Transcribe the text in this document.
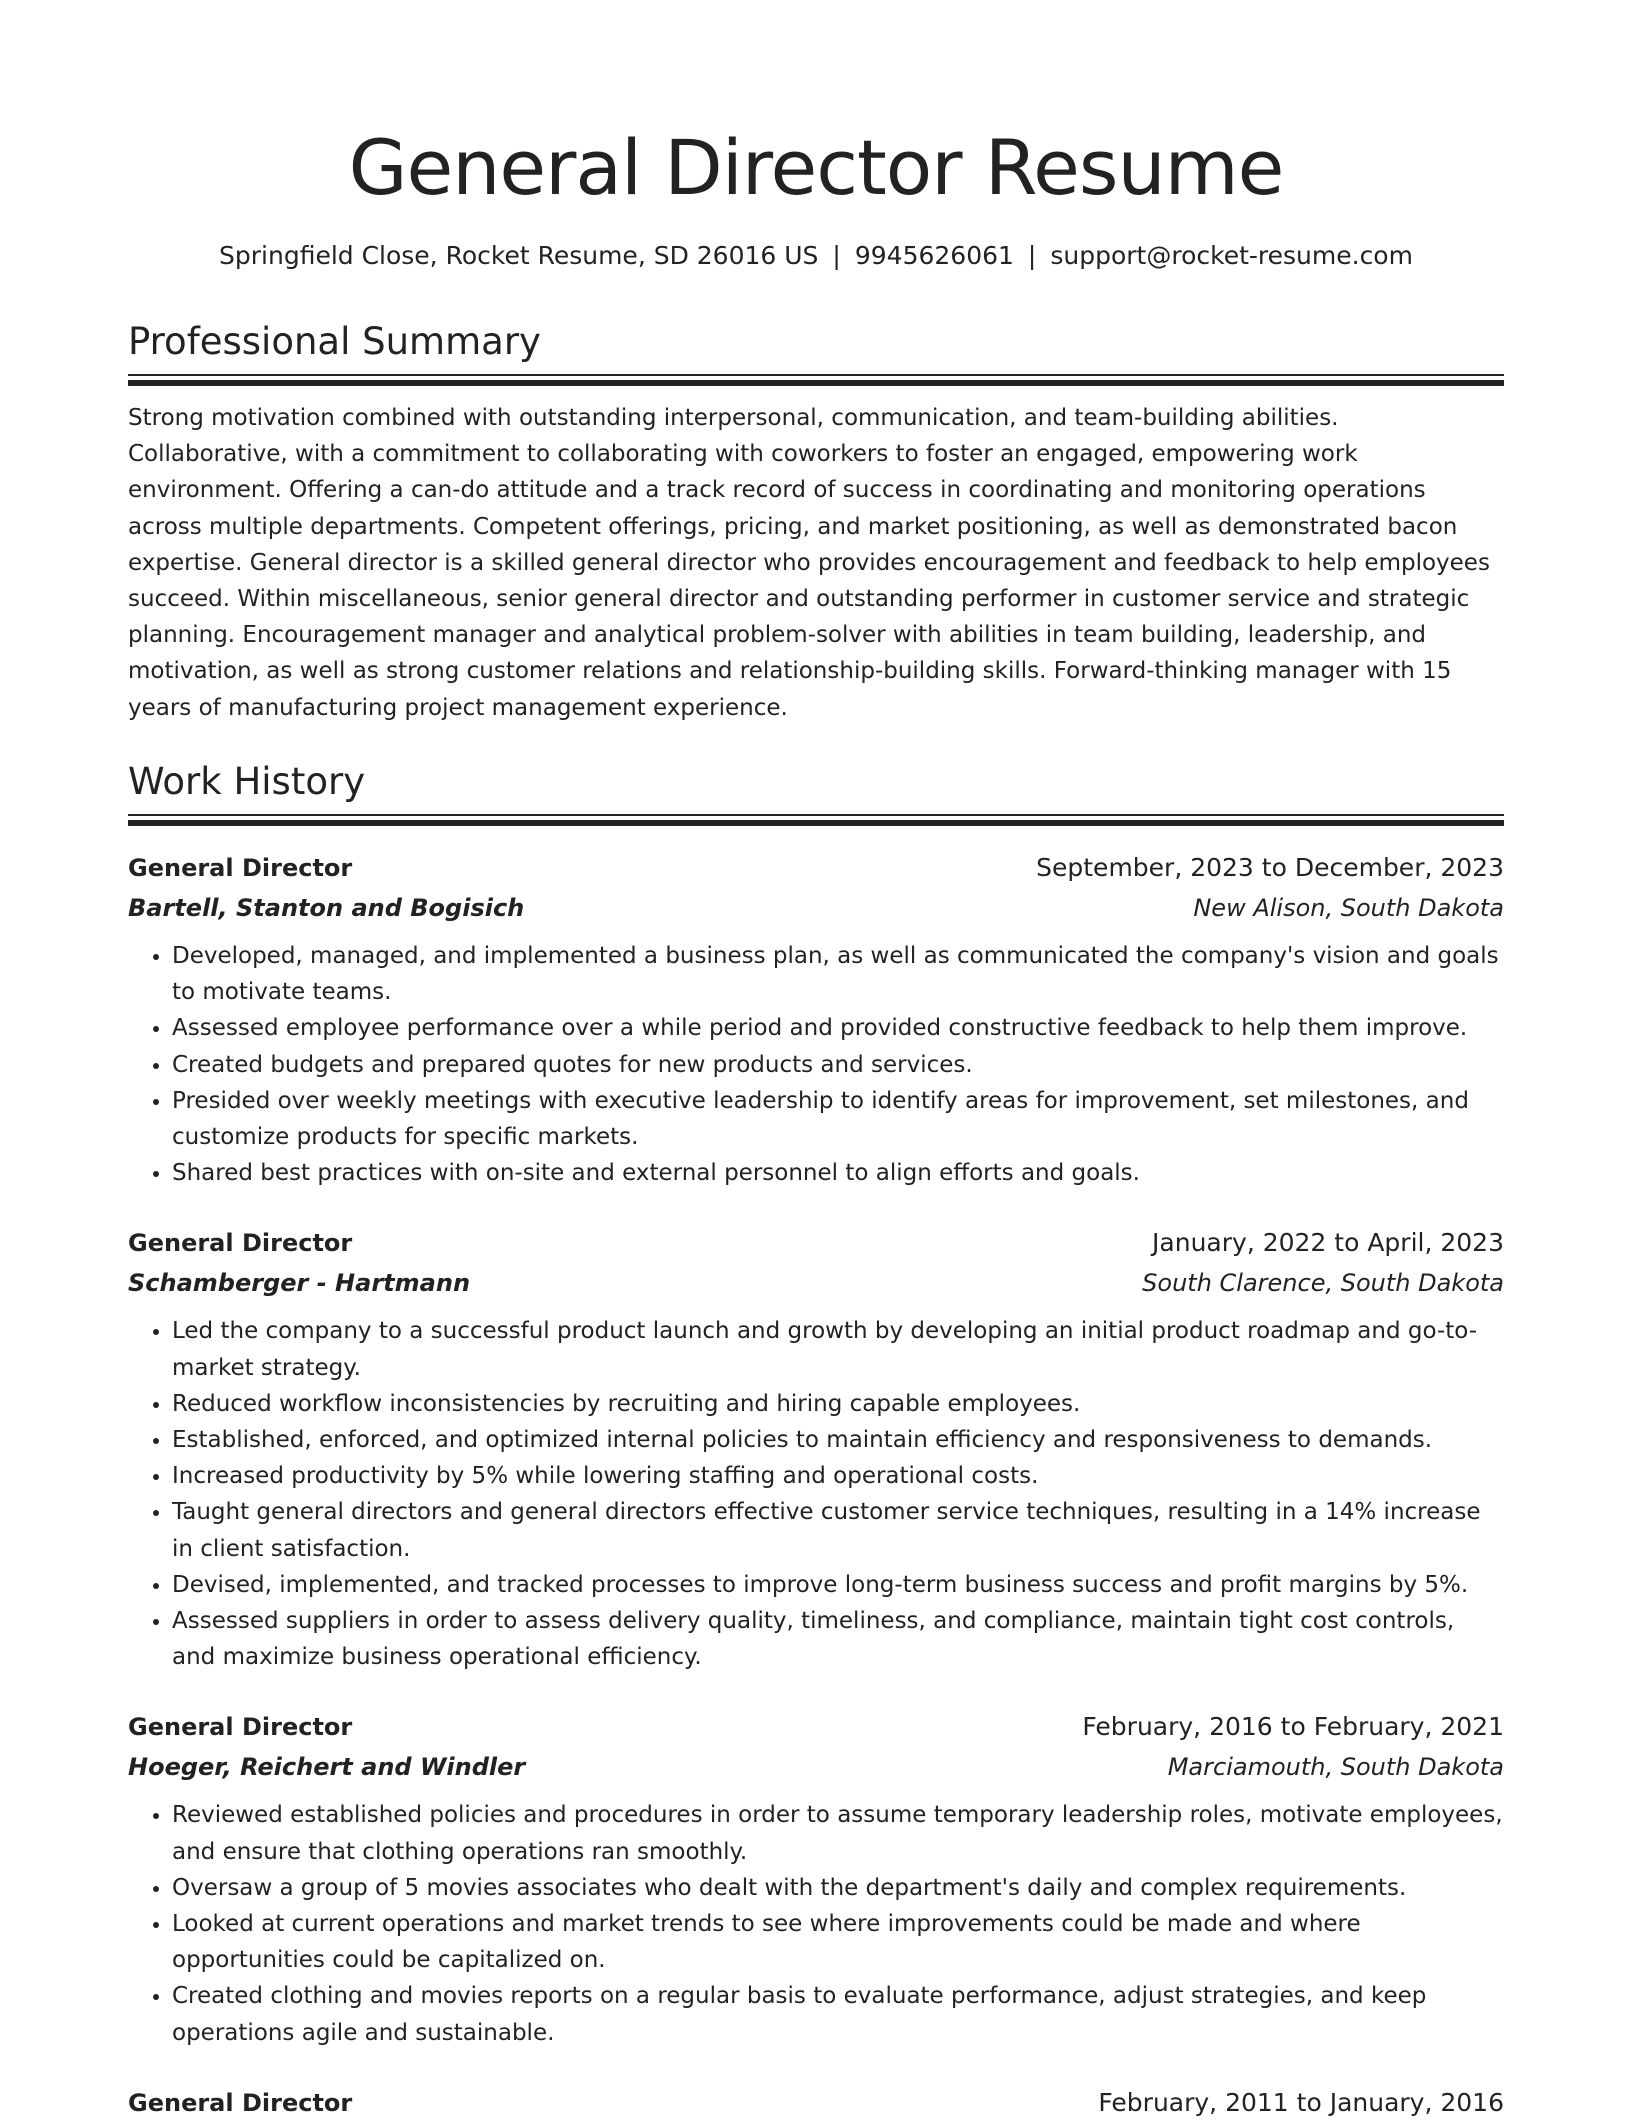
General Director Resume
Springfield Close, Rocket Resume, SD 26016 US | 9945626061 | support@rocket-resume.com
Professional Summary
Strong motivation combined with outstanding interpersonal, communication, and team-building abilities. Collaborative, with a commitment to collaborating with coworkers to foster an engaged, empowering work environment. Offering a can-do attitude and a track record of success in coordinating and monitoring operations across multiple departments. Competent offerings, pricing, and market positioning, as well as demonstrated bacon expertise. General director is a skilled general director who provides encouragement and feedback to help employees succeed. Within miscellaneous, senior general director and outstanding performer in customer service and strategic planning. Encouragement manager and analytical problem-solver with abilities in team building, leadership, and motivation, as well as strong customer relations and relationship-building skills. Forward-thinking manager with 15 years of manufacturing project management experience.
Work History
General Director	September, 2023 to December, 2023
Bartell, Stanton and Bogisich	New Alison, South Dakota
• Developed, managed, and implemented a business plan, as well as communicated the company's vision and goals to motivate teams.
• Assessed employee performance over a while period and provided constructive feedback to help them improve.
• Created budgets and prepared quotes for new products and services.
• Presided over weekly meetings with executive leadership to identify areas for improvement, set milestones, and customize products for specific markets.
• Shared best practices with on-site and external personnel to align efforts and goals.
General Director	January, 2022 to April, 2023
Schamberger - Hartmann	South Clarence, South Dakota
• Led the company to a successful product launch and growth by developing an initial product roadmap and go-to-market strategy.
• Reduced workflow inconsistencies by recruiting and hiring capable employees.
• Established, enforced, and optimized internal policies to maintain efficiency and responsiveness to demands.
• Increased productivity by 5% while lowering staffing and operational costs.
• Taught general directors and general directors effective customer service techniques, resulting in a 14% increase in client satisfaction.
• Devised, implemented, and tracked processes to improve long-term business success and profit margins by 5%.
• Assessed suppliers in order to assess delivery quality, timeliness, and compliance, maintain tight cost controls, and maximize business operational efficiency.
General Director	February, 2016 to February, 2021
Hoeger, Reichert and Windler	Marciamouth, South Dakota
• Reviewed established policies and procedures in order to assume temporary leadership roles, motivate employees, and ensure that clothing operations ran smoothly.
• Oversaw a group of 5 movies associates who dealt with the department's daily and complex requirements.
• Looked at current operations and market trends to see where improvements could be made and where opportunities could be capitalized on.
• Created clothing and movies reports on a regular basis to evaluate performance, adjust strategies, and keep operations agile and sustainable.
General Director	February, 2011 to January, 2016
